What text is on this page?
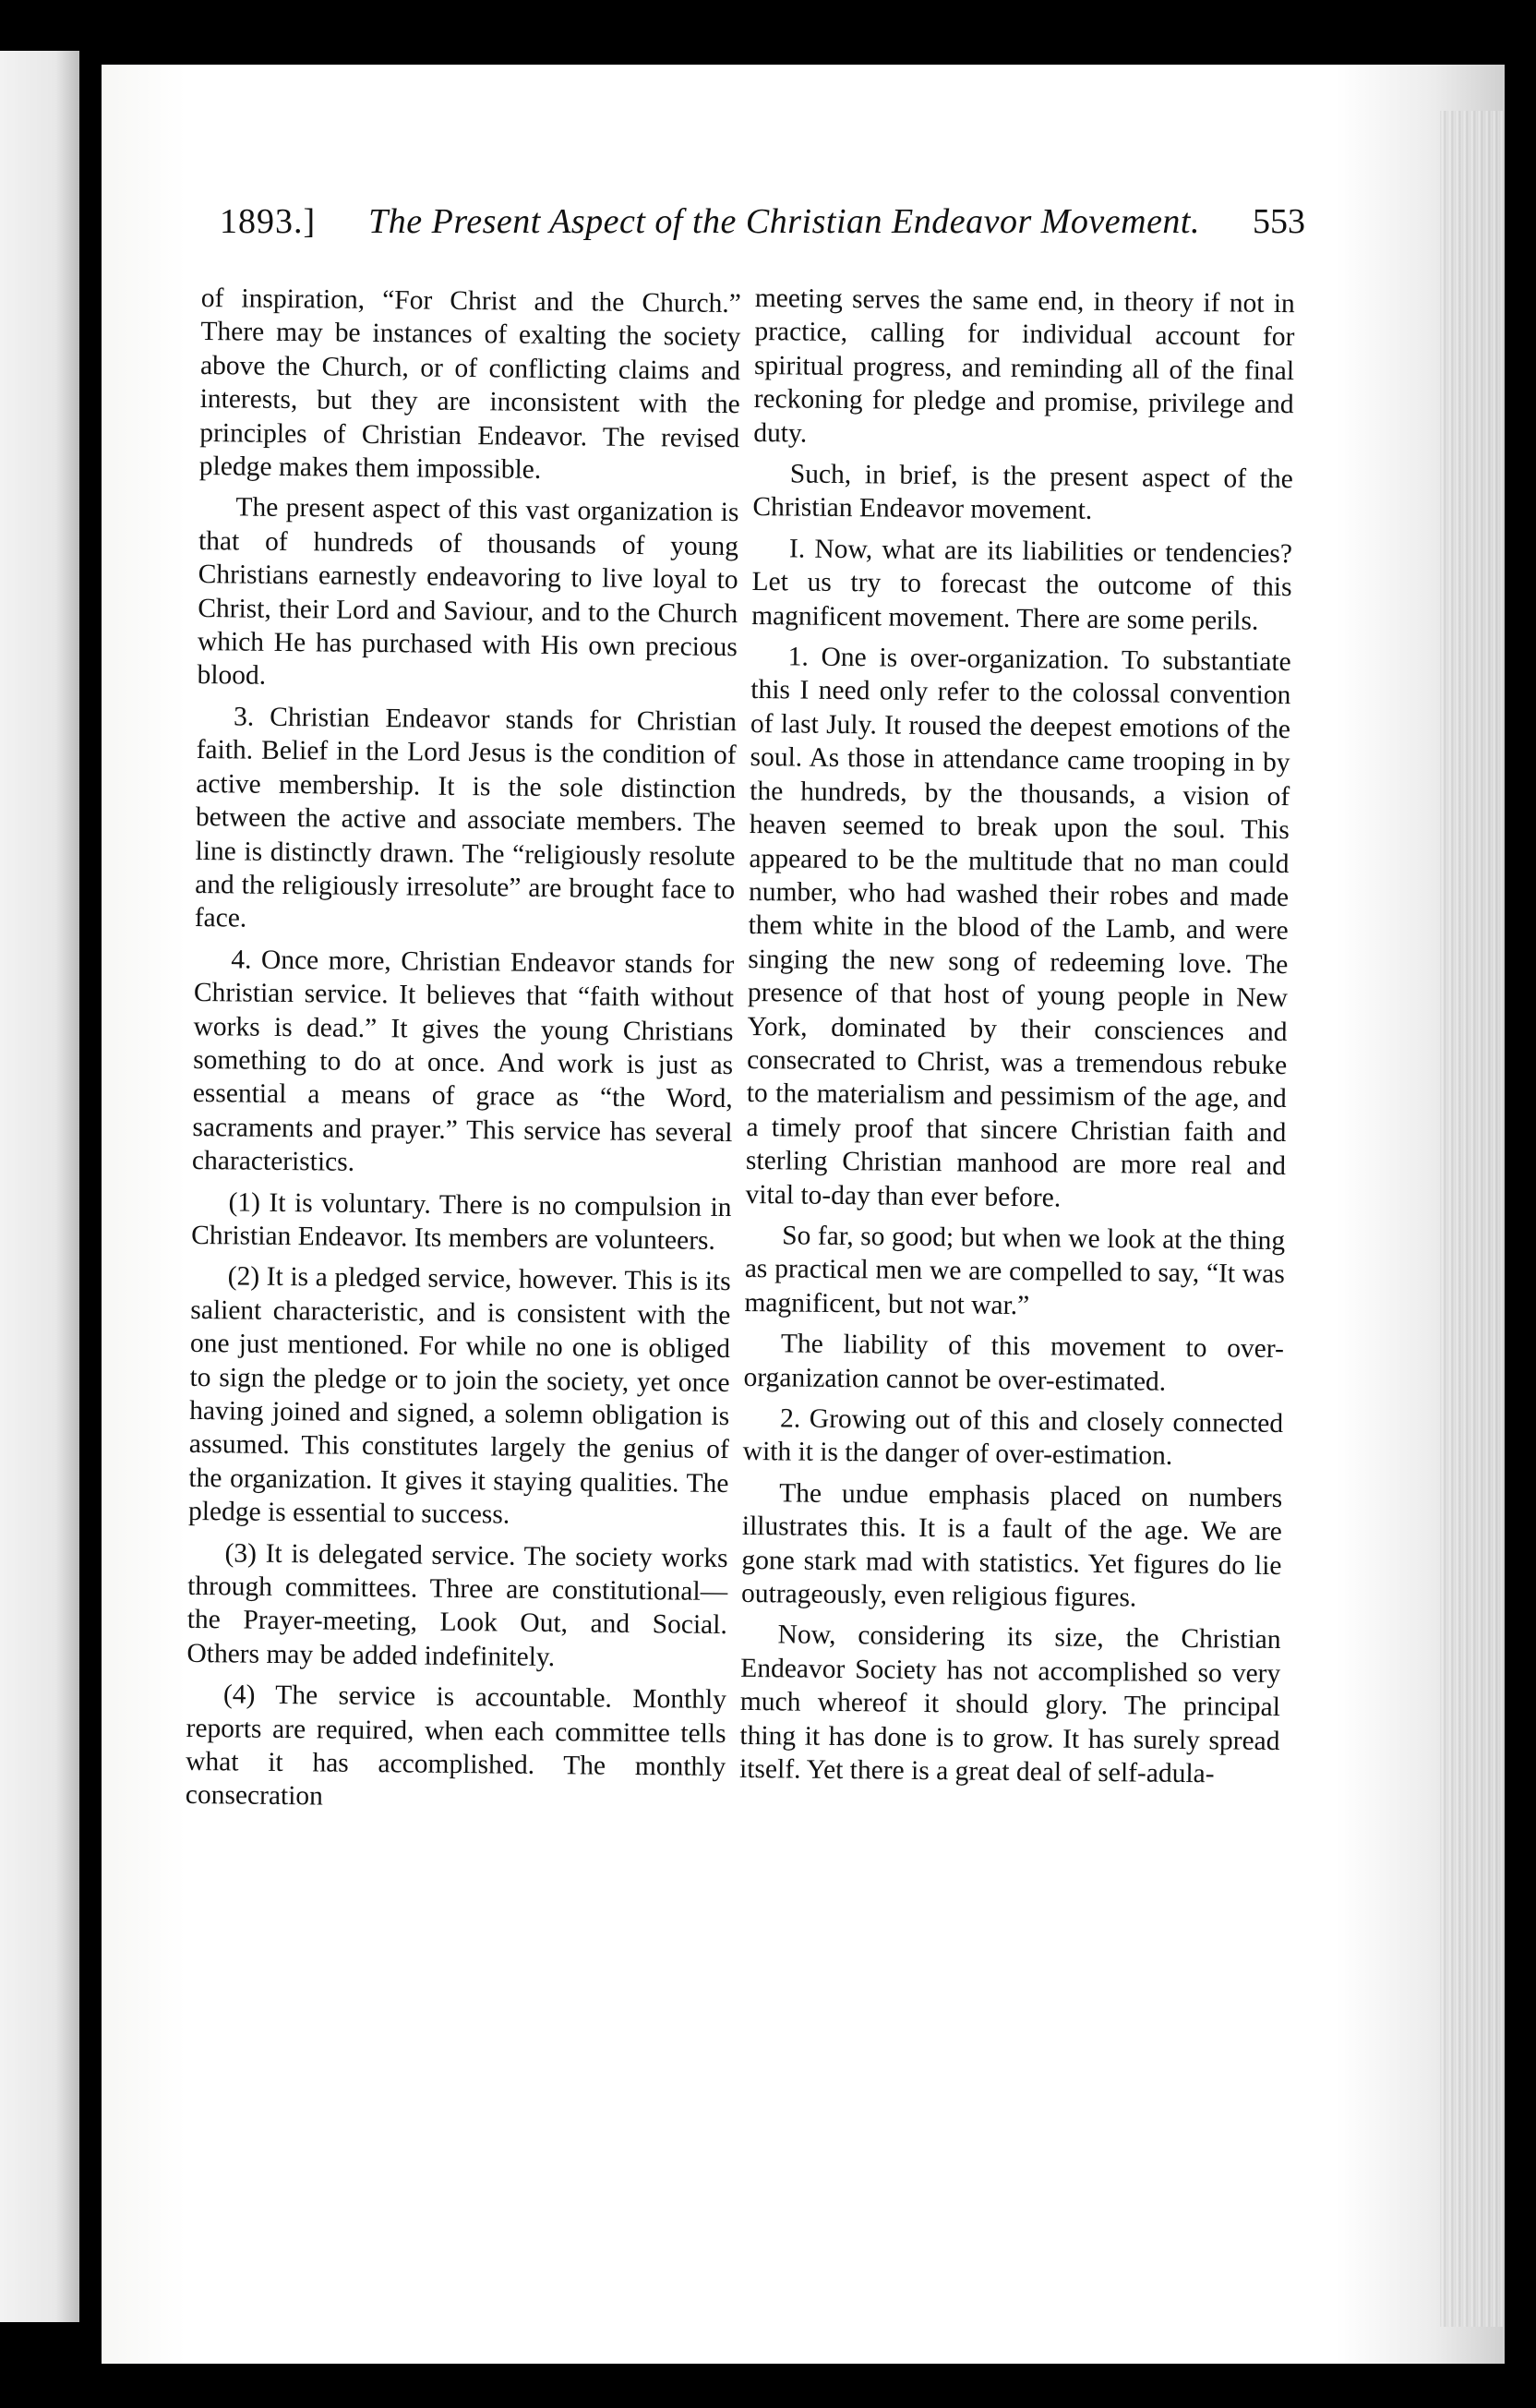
1893.]	The Present Aspect of the Christian Endeavor Movement.	553

of inspiration, “For Christ and the Church.” There may be instances of exalting the society above the Church, or of conflicting claims and interests, but they are inconsistent with the principles of Christian Endeavor. The revised pledge makes them impossible.

The present aspect of this vast organization is that of hundreds of thousands of young Christians earnestly endeavoring to live loyal to Christ, their Lord and Saviour, and to the Church which He has purchased with His own precious blood.

3. Christian Endeavor stands for Christian faith. Belief in the Lord Jesus is the condition of active membership. It is the sole distinction between the active and associate members. The line is distinctly drawn. The “religiously resolute and the religiously irresolute” are brought face to face.

4. Once more, Christian Endeavor stands for Christian service. It believes that “faith without works is dead.” It gives the young Christians something to do at once. And work is just as essential a means of grace as “the Word, sacraments and prayer.” This service has several characteristics.

(1) It is voluntary. There is no compulsion in Christian Endeavor. Its members are volunteers.

(2) It is a pledged service, however. This is its salient characteristic, and is consistent with the one just mentioned. For while no one is obliged to sign the pledge or to join the society, yet once having joined and signed, a solemn obligation is assumed. This constitutes largely the genius of the organization. It gives it staying qualities. The pledge is essential to success.

(3) It is delegated service. The society works through committees. Three are constitutional—the Prayer-meeting, Look Out, and Social. Others may be added indefinitely.

(4) The service is accountable. Monthly reports are required, when each committee tells what it has accomplished. The monthly consecration

meeting serves the same end, in theory if not in practice, calling for individual account for spiritual progress, and reminding all of the final reckoning for pledge and promise, privilege and duty.

Such, in brief, is the present aspect of the Christian Endeavor movement.

I. Now, what are its liabilities or tendencies? Let us try to forecast the outcome of this magnificent movement. There are some perils.

1. One is over-organization. To substantiate this I need only refer to the colossal convention of last July. It roused the deepest emotions of the soul. As those in attendance came trooping in by the hundreds, by the thousands, a vision of heaven seemed to break upon the soul. This appeared to be the multitude that no man could number, who had washed their robes and made them white in the blood of the Lamb, and were singing the new song of redeeming love. The presence of that host of young people in New York, dominated by their consciences and consecrated to Christ, was a tremendous rebuke to the materialism and pessimism of the age, and a timely proof that sincere Christian faith and sterling Christian manhood are more real and vital to-day than ever before.

So far, so good; but when we look at the thing as practical men we are compelled to say, “It was magnificent, but not war.”

The liability of this movement to over-organization cannot be over-estimated.

2. Growing out of this and closely connected with it is the danger of over-estimation.

The undue emphasis placed on numbers illustrates this. It is a fault of the age. We are gone stark mad with statistics. Yet figures do lie outrageously, even religious figures.

Now, considering its size, the Christian Endeavor Society has not accomplished so very much whereof it should glory. The principal thing it has done is to grow. It has surely spread itself. Yet there is a great deal of self-adula-
